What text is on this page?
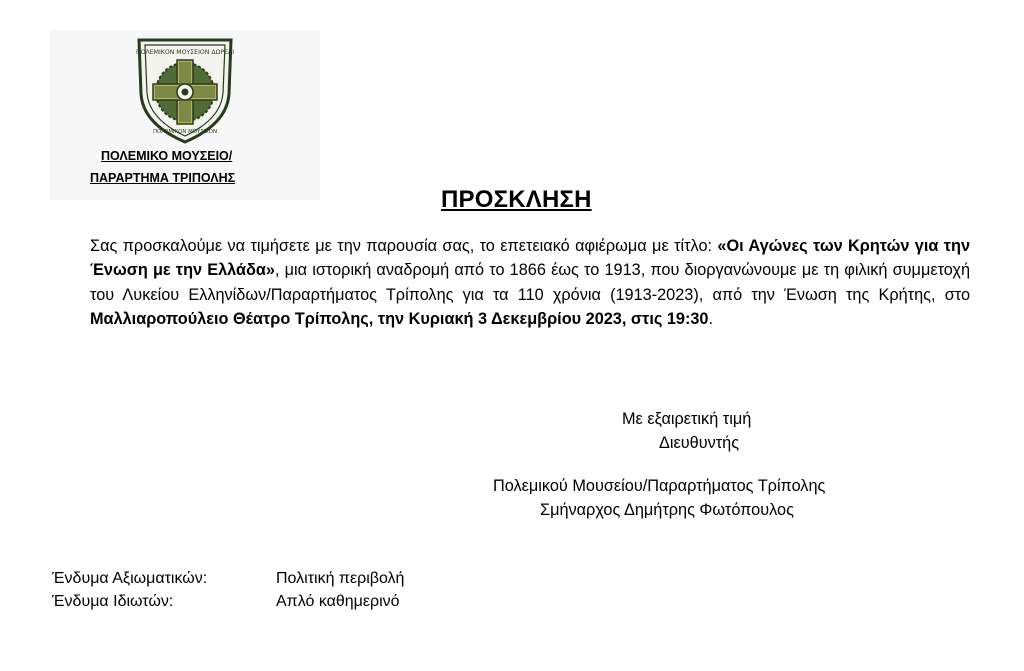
ΠΟΛΕΜΙΚΟΝ ΜΟΥΣΕΙΟΝ ΔΩΡΕΑΙ
ΠΟΛΕΜΙΚΟΝ ΜΟΥΣΕΙΟΝ
ΠΟΛΕΜΙΚΟ ΜΟΥΣΕΙΟ/
ΠΑΡΑΡΤΗΜΑ ΤΡΙΠΟΛΗΣ
ΠΡΟΣΚΛΗΣΗ
Σας προσκαλούμε να τιμήσετε με την παρουσία σας, το επετειακό αφιέρωμα με τίτλο: «Οι Αγώνες των Κρητών για την Ένωση με την Ελλάδα», μια ιστορική αναδρομή από το 1866 έως το 1913, που διοργανώνουμε με τη φιλική συμμετοχή του Λυκείου Ελληνίδων/Παραρτήματος Τρίπολης για τα 110 χρόνια (1913-2023), από την Ένωση της Κρήτης, στο Μαλλιαροπούλειο Θέατρο Τρίπολης, την Κυριακή 3 Δεκεμβρίου 2023, στις 19:30.
Με εξαιρετική τιμή
Διευθυντής
Πολεμικού Μουσείου/Παραρτήματος Τρίπολης
Σμήναρχος Δημήτρης Φωτόπουλος
Ένδυμα Αξιωματικών:	Πολιτική περιβολή
Ένδυμα Ιδιωτών:	Απλό καθημερινό
